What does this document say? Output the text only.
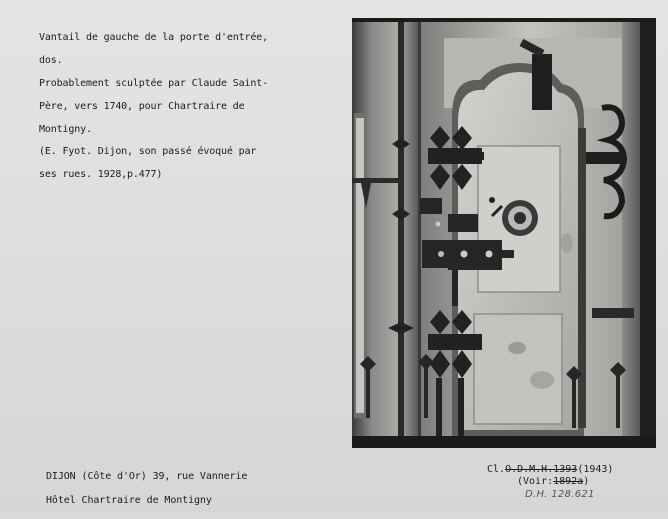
Vantail de gauche de la porte d'entrée,

dos.

Probablement sculptée par Claude Saint-

Père, vers 1740, pour Chartraire de

Montigny.

(E. Fyot. Dijon, son passé évoqué par

ses rues. 1928,p.477)

DIJON (Côte d'Or) 39, rue Vannerie

Hôtel Chartraire de Montigny

Cl.O.D.M.H.1393(1943)
(Voir:1892a)
D.H. 128.621
